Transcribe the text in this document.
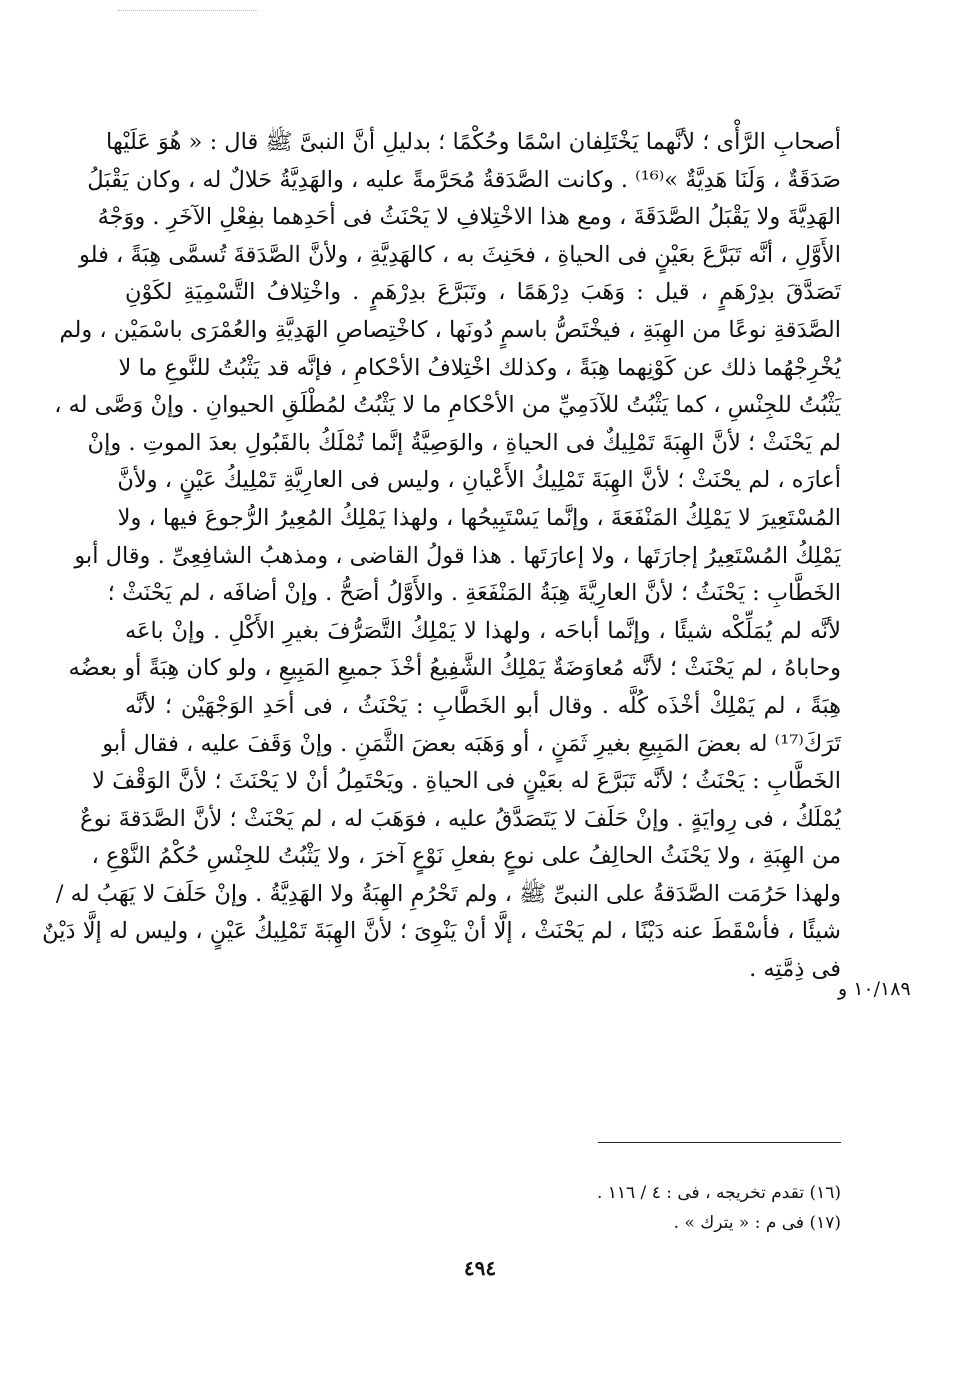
أصحابِ الرَّأْى ؛ لأنَّهما يَخْتَلِفان اسْمًا وحُكْمًا ؛ بدليلِ أنَّ النبىَّ ﷺ قال : « هُوَ عَلَيْها
صَدَقَةٌ ، وَلَنَا هَدِيَّةٌ »⁽¹⁶⁾ . وكانت الصَّدَقةُ مُحَرَّمةً عليه ، والهَدِيَّةُ حَلالٌ له ، وكان يَقْبَلُ
الهَدِيَّةَ ولا يَقْبَلُ الصَّدَقَةَ ، ومع هذا الاخْتِلافِ لا يَحْنَثُ فى أحَدِهما بفِعْلِ الآخَرِ . ووَجْهُ
الأَوَّلِ ، أنَّه تَبَرَّعَ بعَيْنٍ فى الحياةِ ، فحَنِثَ به ، كالهَدِيَّةِ ، ولأنَّ الصَّدَقةَ تُسمَّى هِبَةً ، فلو
تَصَدَّقَ بدِرْهَمٍ ، قيل : وَهَبَ دِرْهَمًا ، وتَبَرَّعَ بدِرْهَمٍ . واخْتِلافُ التَّسْمِيَةِ لكَوْنِ
الصَّدَقةِ نوعًا من الهِبَةِ ، فيخْتَصُّ باسمٍ دُونَها ، كاخْتِصاصِ الهَدِيَّةِ والعُمْرَى باسْمَيْن ، ولم
يُخْرِجْهُما ذلك عن كَوْنِهما هِبَةً ، وكذلك اخْتِلافُ الأحْكامِ ، فإنَّه قد يَثْبُتُ للنَّوعِ ما لا
يَثْبُتُ للجِنْسِ ، كما يَثْبُتُ للآدَمِيِّ من الأحْكامِ ما لا يَثْبُتُ لمُطْلَقِ الحيوانِ . وإنْ وَصَّى له ،
لم يَحْنَثْ ؛ لأنَّ الهِبَةَ تَمْلِيكٌ فى الحياةِ ، والوَصِيَّةُ إنَّما تُمْلَكُ بالقَبُولِ بعدَ الموتِ . وإنْ
أعارَه ، لم يحْنَثْ ؛ لأنَّ الهِبَةَ تَمْلِيكُ الأَعْيانِ ، وليس فى العارِيَّةِ تَمْلِيكُ عَيْنٍ ، ولأنَّ
المُسْتَعِيرَ لا يَمْلِكُ المَنْفَعَةَ ، وإنَّما يَسْتَبِيحُها ، ولهذا يَمْلِكُ المُعِيرُ الرُّجوعَ فيها ، ولا
يَمْلِكُ المُسْتَعِيرُ إجارَتَها ، ولا إعارَتَها . هذا قولُ القاضى ، ومذهبُ الشافِعِىِّ . وقال أبو
الخَطَّابِ : يَحْنَثُ ؛ لأنَّ العارِيَّةَ هِبَةُ المَنْفَعَةِ . والأَوَّلُ أصَحُّ . وإنْ أضافَه ، لم يَحْنَثْ ؛
لأنَّه لم يُمَلِّكْه شيئًا ، وإنَّما أباحَه ، ولهذا لا يَمْلِكُ التَّصَرُّفَ بغيرِ الأَكْلِ . وإنْ باعَه
وحاباهُ ، لم يَحْنَثْ ؛ لأنَّه مُعاوَضَةٌ يَمْلِكُ الشَّفِيعُ أخْذَ جميعِ المَبِيعِ ، ولو كان هِبَةً أو بعضُه
هِبَةً ، لم يَمْلِكْ أخْذَه كُلَّه . وقال أبو الخَطَّابِ : يَحْنَثُ ، فى أحَدِ الوَجْهَيْن ؛ لأنَّه
تَرَكَ⁽¹⁷⁾ له بعضَ المَبِيعِ بغيرِ ثَمَنٍ ، أو وَهَبَه بعضَ الثَّمَنِ . وإنْ وَقَفَ عليه ، فقال أبو
الخَطَّابِ : يَحْنَثُ ؛ لأنَّه تَبَرَّعَ له بعَيْنٍ فى الحياةِ . ويَحْتَمِلُ أنْ لا يَحْنَثَ ؛ لأنَّ الوَقْفَ لا
يُمْلَكُ ، فى رِوايَةٍ . وإنْ حَلَفَ لا يَتَصَدَّقُ عليه ، فوَهَبَ له ، لم يَحْنَثْ ؛ لأنَّ الصَّدَقةَ نوعٌ
من الهِبَةِ ، ولا يَحْنَثُ الحالِفُ على نوعٍ بفعلِ نَوْعٍ آخرَ ، ولا يَثْبُتُ للجِنْسِ حُكْمُ النَّوْعِ ،
ولهذا حَرُمَت الصَّدَقةُ على النبىِّ ﷺ ، ولم تَحْرُمِ الهِبَةُ ولا الهَدِيَّةُ . وإنْ حَلَفَ لا يَهَبُ له /
شيئًا ، فأسْقَطَ عنه دَيْنًا ، لم يَحْنَثْ ، إلَّا أنْ يَنْوِىَ ؛ لأنَّ الهِبَةَ تَمْلِيكُ عَيْنٍ ، وليس له إلَّا دَيْنٌ
فى ذِمَّتِه .
١٠/١٨٩ و
(١٦) تقدم تخريجه ، فى : ٤ / ١١٦ .
(١٧) فى م : « يترك » .
٤٩٤
